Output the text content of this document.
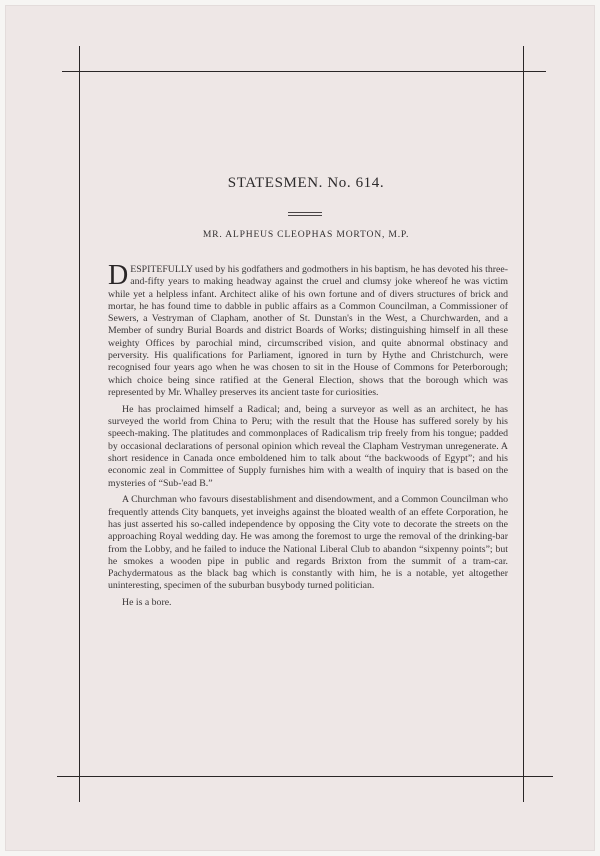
STATESMEN. No. 614.
MR. ALPHEUS CLEOPHAS MORTON, M.P.

DESPITEFULLY used by his godfathers and godmothers in his baptism, he has devoted his three-and-fifty years to making headway against the cruel and clumsy joke whereof he was victim while yet a helpless infant. Architect alike of his own fortune and of divers structures of brick and mortar, he has found time to dabble in public affairs as a Common Councilman, a Commissioner of Sewers, a Vestryman of Clapham, another of St. Dunstan's in the West, a Churchwarden, and a Member of sundry Burial Boards and district Boards of Works; distinguishing himself in all these weighty Offices by parochial mind, circumscribed vision, and quite abnormal obstinacy and perversity. His qualifications for Parliament, ignored in turn by Hythe and Christchurch, were recognised four years ago when he was chosen to sit in the House of Commons for Peterborough; which choice being since ratified at the General Election, shows that the borough which was represented by Mr. Whalley preserves its ancient taste for curiosities.

He has proclaimed himself a Radical; and, being a surveyor as well as an architect, he has surveyed the world from China to Peru; with the result that the House has suffered sorely by his speech-making. The platitudes and commonplaces of Radicalism trip freely from his tongue; padded by occasional declarations of personal opinion which reveal the Clapham Vestryman unregenerate. A short residence in Canada once emboldened him to talk about “the backwoods of Egypt”; and his economic zeal in Committee of Supply furnishes him with a wealth of inquiry that is based on the mysteries of “Sub-'ead B.”

A Churchman who favours disestablishment and disendowment, and a Common Councilman who frequently attends City banquets, yet inveighs against the bloated wealth of an effete Corporation, he has just asserted his so-called independence by opposing the City vote to decorate the streets on the approaching Royal wedding day. He was among the foremost to urge the removal of the drinking-bar from the Lobby, and he failed to induce the National Liberal Club to abandon “sixpenny points”; but he smokes a wooden pipe in public and regards Brixton from the summit of a tram-car. Pachydermatous as the black bag which is constantly with him, he is a notable, yet altogether uninteresting, specimen of the suburban busybody turned politician.

He is a bore.
